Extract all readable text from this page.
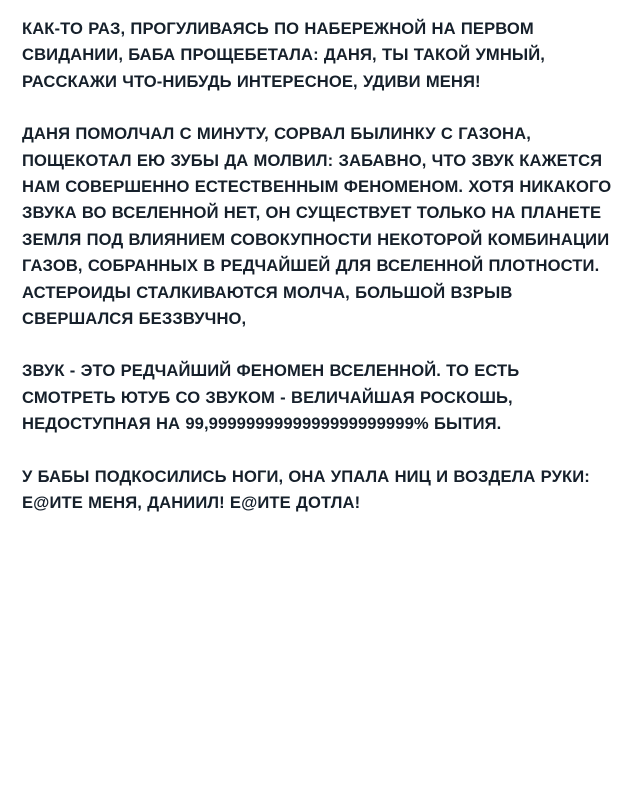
КАК-ТО РАЗ, ПРОГУЛИВАЯСЬ ПО НАБЕРЕЖНОЙ НА ПЕРВОМ СВИДАНИИ, БАБА ПРОЩЕБЕТАЛА: ДАНЯ, ТЫ ТАКОЙ УМНЫЙ, РАССКАЖИ ЧТО-НИБУДЬ ИНТЕРЕСНОЕ, УДИВИ МЕНЯ!

ДАНЯ ПОМОЛЧАЛ С МИНУТУ, СОРВАЛ БЫЛИНКУ С ГАЗОНА, ПОЩЕКОТАЛ ЕЮ ЗУБЫ ДА МОЛВИЛ: ЗАБАВНО, ЧТО ЗВУК КАЖЕТСЯ НАМ СОВЕРШЕННО ЕСТЕСТВЕННЫМ ФЕНОМЕНОМ. ХОТЯ НИКАКОГО ЗВУКА ВО ВСЕЛЕННОЙ НЕТ, ОН СУЩЕСТВУЕТ ТОЛЬКО НА ПЛАНЕТЕ ЗЕМЛЯ ПОД ВЛИЯНИЕМ СОВОКУПНОСТИ НЕКОТОРОЙ КОМБИНАЦИИ ГАЗОВ, СОБРАННЫХ В РЕДЧАЙШЕЙ ДЛЯ ВСЕЛЕННОЙ ПЛОТНОСТИ. АСТЕРОИДЫ СТАЛКИВАЮТСЯ МОЛЧА, БОЛЬШОЙ ВЗРЫВ СВЕРШАЛСЯ БЕЗЗВУЧНО,

ЗВУК - ЭТО РЕДЧАЙШИЙ ФЕНОМЕН ВСЕЛЕННОЙ. ТО ЕСТЬ СМОТРЕТЬ ЮТУБ СО ЗВУКОМ - ВЕЛИЧАЙШАЯ РОСКОШЬ, НЕДОСТУПНАЯ НА 99,9999999999999999999999% БЫТИЯ.

У БАБЫ ПОДКОСИЛИСЬ НОГИ, ОНА УПАЛА НИЦ И ВОЗДЕЛА РУКИ: Е@ИТЕ МЕНЯ, ДАНИИЛ! Е@ИТЕ ДОТЛА!
